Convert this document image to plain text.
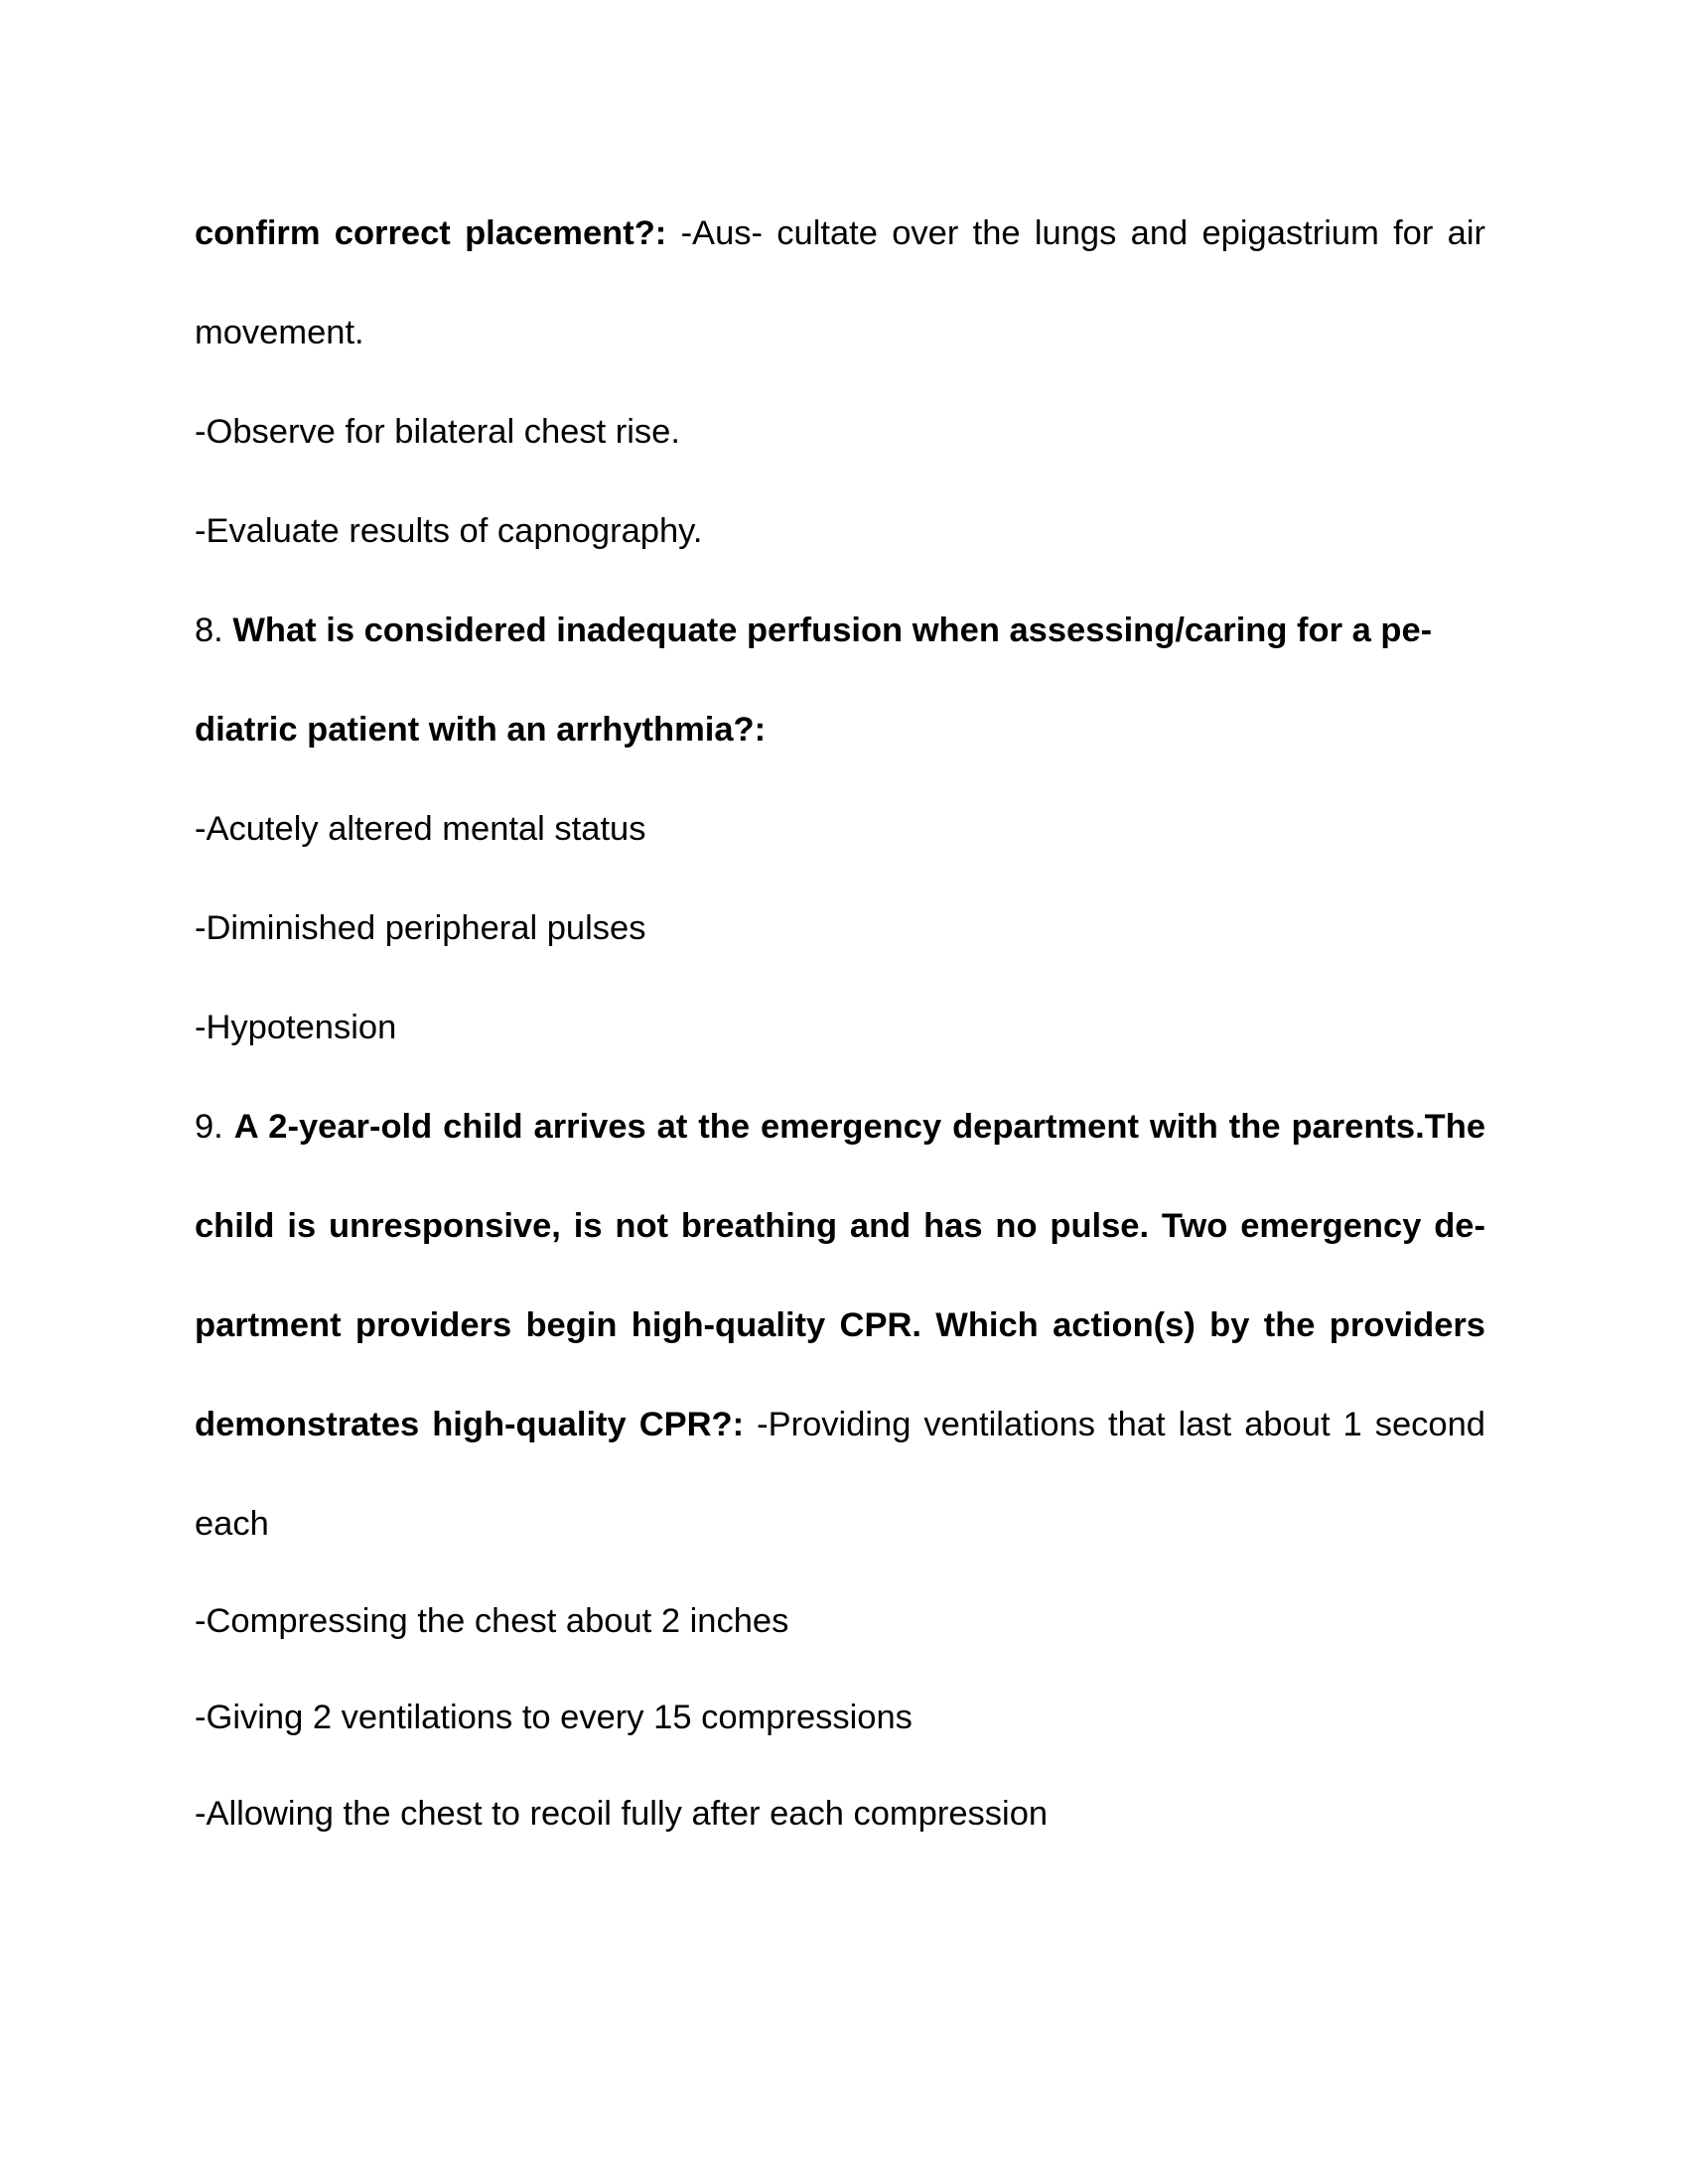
confirm correct placement?: -Aus- cultate over the lungs and epigastrium for air movement.

-Observe for bilateral chest rise.

-Evaluate results of capnography.

8. What is considered inadequate perfusion when assessing/caring for a pe- diatric patient with an arrhythmia?:

-Acutely altered mental status

-Diminished peripheral pulses

-Hypotension

9. A 2-year-old child arrives at the emergency department with the parents.The child is unresponsive, is not breathing and has no pulse. Two emergency de- partment providers begin high-quality CPR. Which action(s) by the providers demonstrates high-quality CPR?: -Providing ventilations that last about 1 second each

-Compressing the chest about 2 inches

-Giving 2 ventilations to every 15 compressions

-Allowing the chest to recoil fully after each compression
